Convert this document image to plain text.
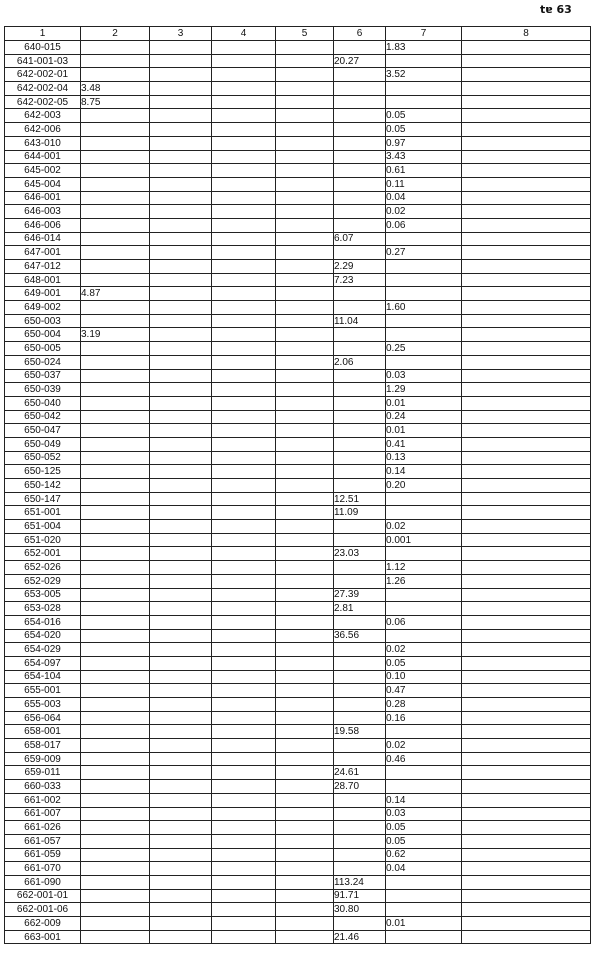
t‎ɐ 63
1	2	3	4	5	6	7	8
640-015						1.83	
641-001-03					20.27		
642-002-01						3.52	
642-002-04	3.48						
642-002-05	8.75						
642-003						0.05	
642-006						0.05	
643-010						0.97	
644-001						3.43	
645-002						0.61	
645-004						0.11	
646-001						0.04	
646-003						0.02	
646-006						0.06	
646-014					6.07		
647-001						0.27	
647-012					2.29		
648-001					7.23		
649-001	4.87						
649-002						1.60	
650-003					11.04		
650-004	3.19						
650-005						0.25	
650-024					2.06		
650-037						0.03	
650-039						1.29	
650-040						0.01	
650-042						0.24	
650-047						0.01	
650-049						0.41	
650-052						0.13	
650-125						0.14	
650-142						0.20	
650-147					12.51		
651-001					11.09		
651-004						0.02	
651-020						0.001	
652-001					23.03		
652-026						1.12	
652-029						1.26	
653-005					27.39		
653-028					2.81		
654-016						0.06	
654-020					36.56		
654-029						0.02	
654-097						0.05	
654-104						0.10	
655-001						0.47	
655-003						0.28	
656-064						0.16	
658-001					19.58		
658-017						0.02	
659-009						0.46	
659-011					24.61		
660-033					28.70		
661-002						0.14	
661-007						0.03	
661-026						0.05	
661-057						0.05	
661-059						0.62	
661-070						0.04	
661-090					113.24		
662-001-01					91.71		
662-001-06					30.80		
662-009						0.01	
663-001					21.46		
